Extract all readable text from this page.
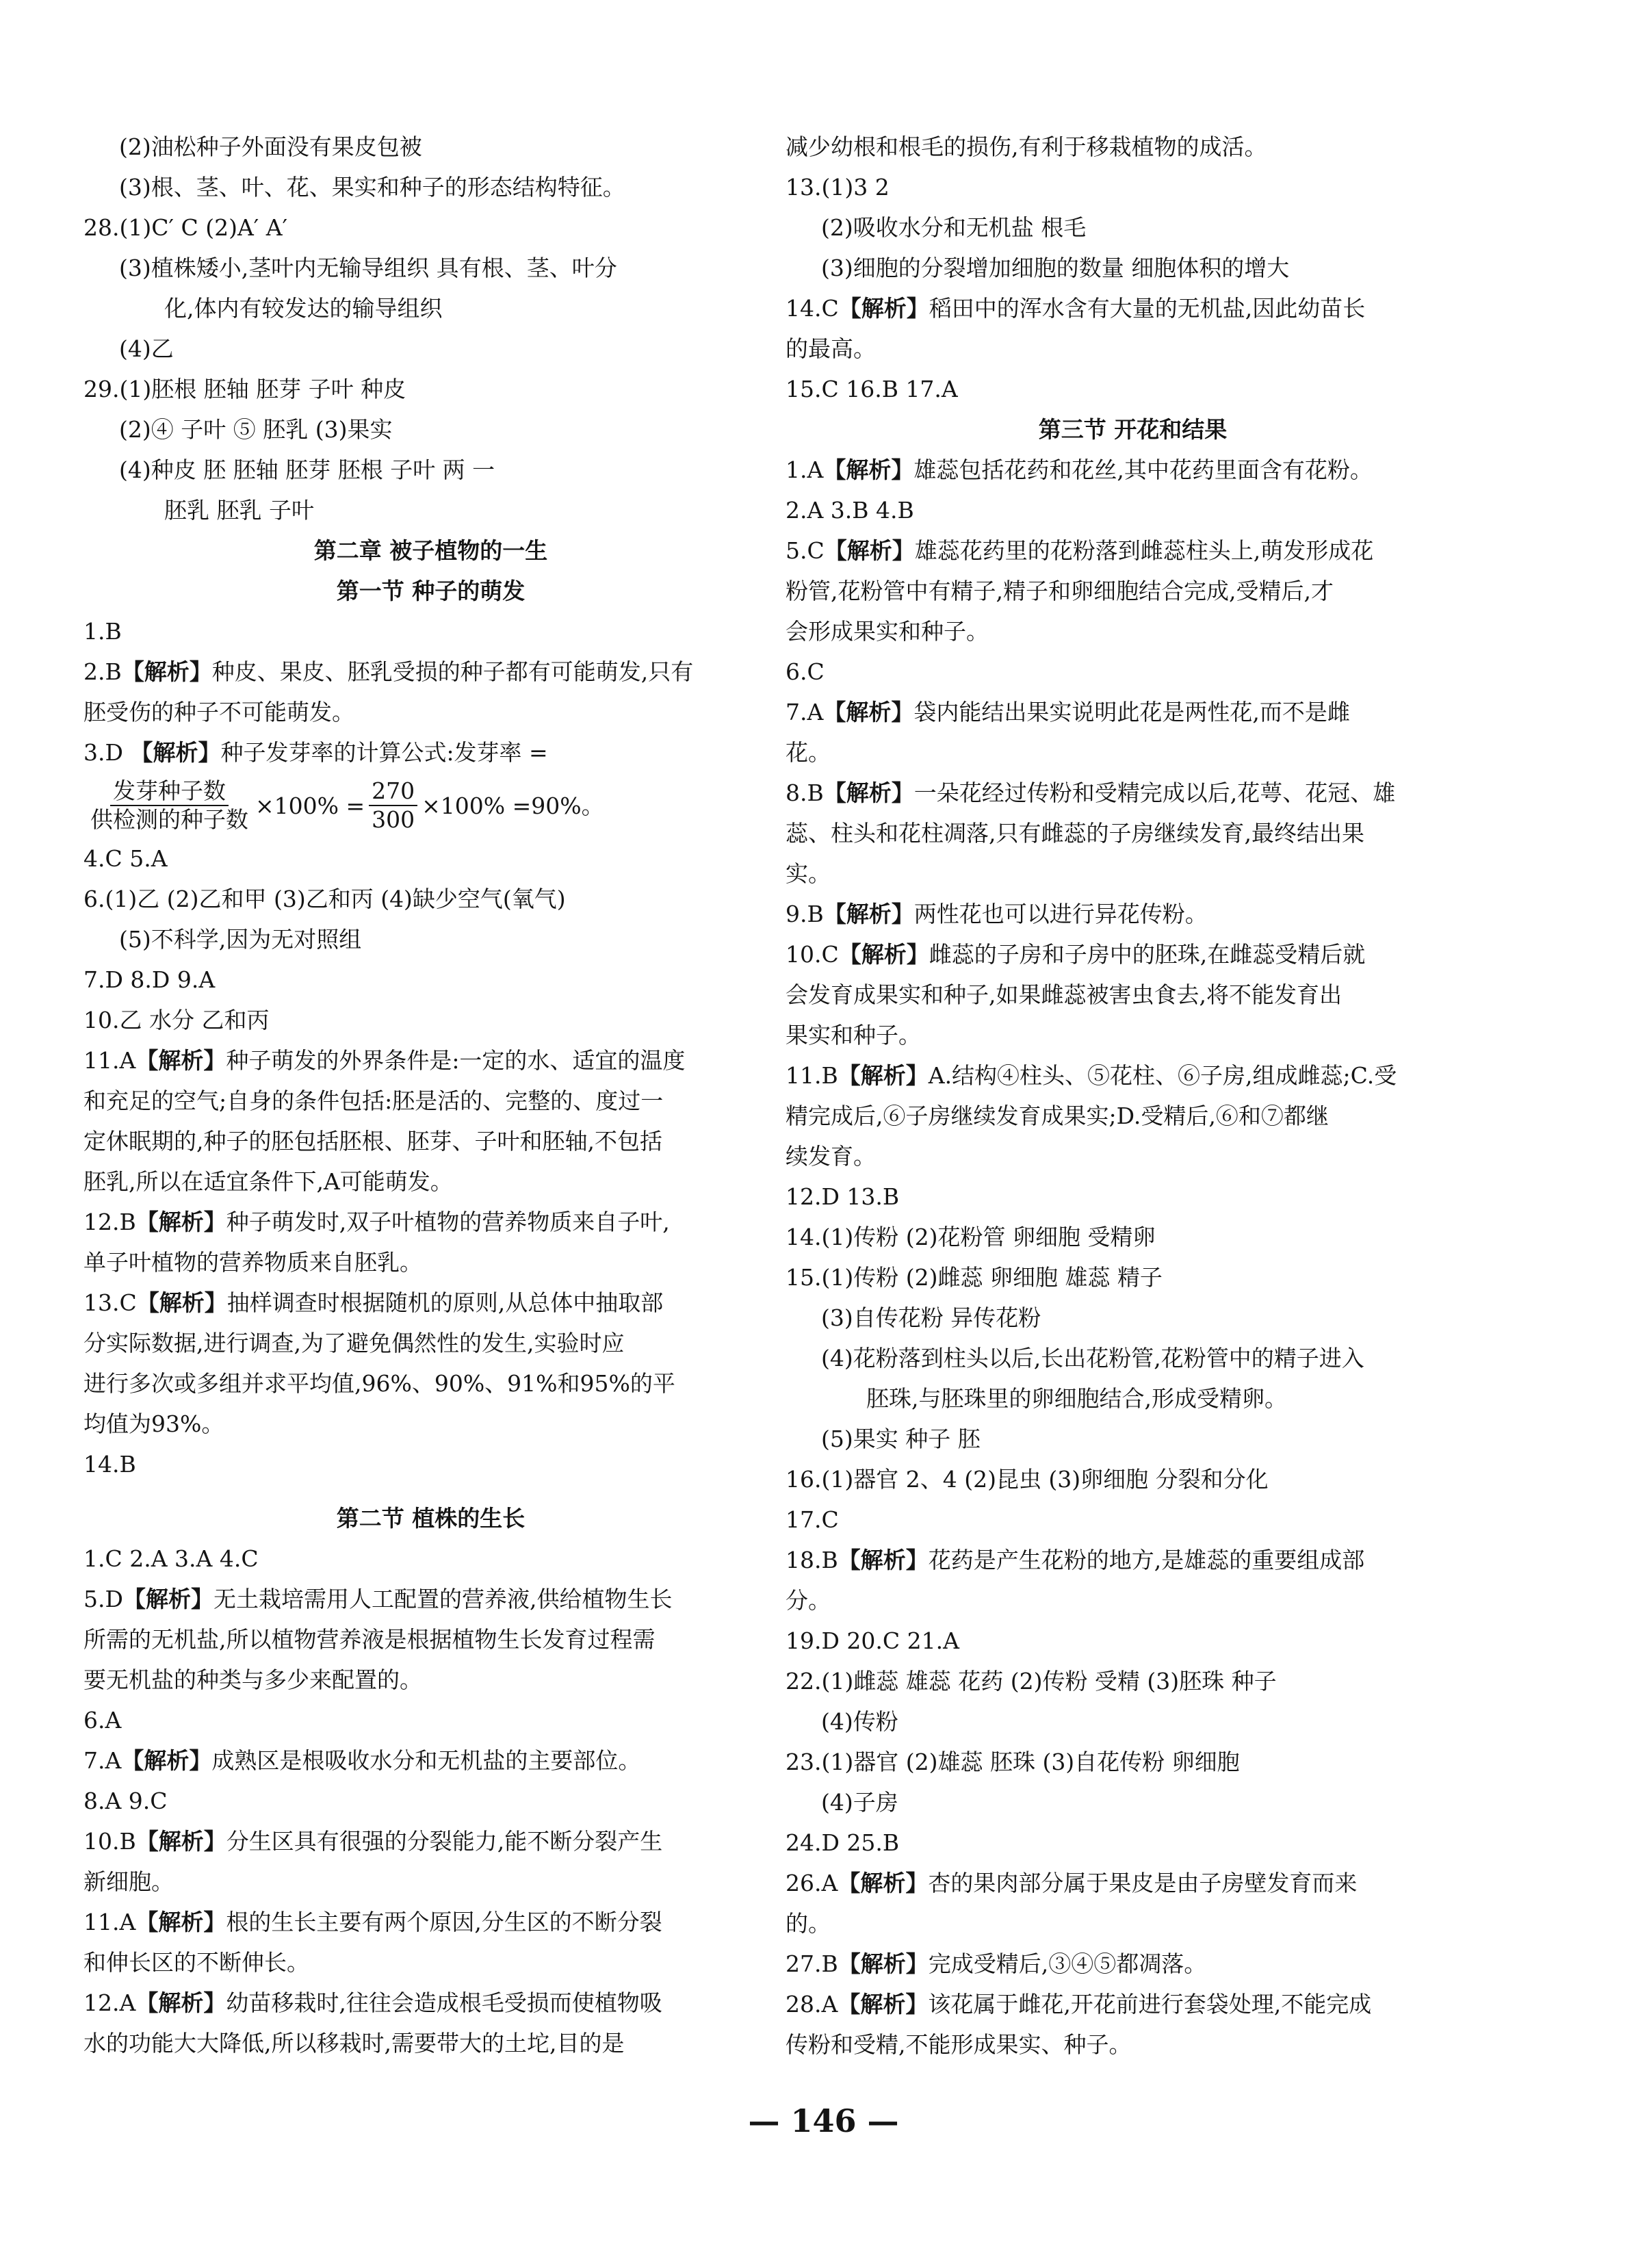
(2)油松种子外面没有果皮包被

(3)根、茎、叶、花、果实和种子的形态结构特征。

28.(1)C′ C (2)A′ A′

(3)植株矮小,茎叶内无输导组织 具有根、茎、叶分

化,体内有较发达的输导组织

(4)乙

29.(1)胚根 胚轴 胚芽 子叶 种皮

(2)④ 子叶 ⑤ 胚乳 (3)果实

(4)种皮 胚 胚轴 胚芽 胚根 子叶 两 一

胚乳 胚乳 子叶

第二章 被子植物的一生

第一节 种子的萌发

1.B

2.B【解析】种皮、果皮、胚乳受损的种子都有可能萌发,只有

胚受伤的种子不可能萌发。

3.D 【解析】种子发芽率的计算公式:发芽率 =

$\frac{\text{发芽种子数}}{\text{供检测的种子数}} \times 100\% = \frac{270}{300} \times 100\% =90\%$。

4.C 5.A

6.(1)乙 (2)乙和甲 (3)乙和丙 (4)缺少空气(氧气)

(5)不科学,因为无对照组

7.D 8.D 9.A

10.乙 水分 乙和丙

11.A【解析】种子萌发的外界条件是:一定的水、适宜的温度

和充足的空气;自身的条件包括:胚是活的、完整的、度过一

定休眠期的,种子的胚包括胚根、胚芽、子叶和胚轴,不包括

胚乳,所以在适宜条件下,A可能萌发。

12.B【解析】种子萌发时,双子叶植物的营养物质来自子叶,

单子叶植物的营养物质来自胚乳。

13.C【解析】抽样调查时根据随机的原则,从总体中抽取部

分实际数据,进行调查,为了避免偶然性的发生,实验时应

进行多次或多组并求平均值,96%、90%、91%和95%的平

均值为93%。

14.B

第二节 植株的生长

1.C 2.A 3.A 4.C

5.D【解析】无土栽培需用人工配置的营养液,供给植物生长

所需的无机盐,所以植物营养液是根据植物生长发育过程需

要无机盐的种类与多少来配置的。

6.A

7.A【解析】成熟区是根吸收水分和无机盐的主要部位。

8.A 9.C

10.B【解析】分生区具有很强的分裂能力,能不断分裂产生

新细胞。

11.A【解析】根的生长主要有两个原因,分生区的不断分裂

和伸长区的不断伸长。

12.A【解析】幼苗移栽时,往往会造成根毛受损而使植物吸

水的功能大大降低,所以移栽时,需要带大的土坨,目的是

减少幼根和根毛的损伤,有利于移栽植物的成活。

13.(1)3 2

(2)吸收水分和无机盐 根毛

(3)细胞的分裂增加细胞的数量 细胞体积的增大

14.C【解析】稻田中的浑水含有大量的无机盐,因此幼苗长

的最高。

15.C 16.B 17.A

第三节 开花和结果

1.A【解析】雄蕊包括花药和花丝,其中花药里面含有花粉。

2.A 3.B 4.B

5.C【解析】雄蕊花药里的花粉落到雌蕊柱头上,萌发形成花

粉管,花粉管中有精子,精子和卵细胞结合完成,受精后,才

会形成果实和种子。

6.C

7.A【解析】袋内能结出果实说明此花是两性花,而不是雌

花。

8.B【解析】一朵花经过传粉和受精完成以后,花萼、花冠、雄

蕊、柱头和花柱凋落,只有雌蕊的子房继续发育,最终结出果

实。

9.B【解析】两性花也可以进行异花传粉。

10.C【解析】雌蕊的子房和子房中的胚珠,在雌蕊受精后就

会发育成果实和种子,如果雌蕊被害虫食去,将不能发育出

果实和种子。

11.B【解析】A.结构④柱头、⑤花柱、⑥子房,组成雌蕊;C.受

精完成后,⑥子房继续发育成果实;D.受精后,⑥和⑦都继

续发育。

12.D 13.B

14.(1)传粉 (2)花粉管 卵细胞 受精卵

15.(1)传粉 (2)雌蕊 卵细胞 雄蕊 精子

(3)自传花粉 异传花粉

(4)花粉落到柱头以后,长出花粉管,花粉管中的精子进入

胚珠,与胚珠里的卵细胞结合,形成受精卵。

(5)果实 种子 胚

16.(1)器官 2、4 (2)昆虫 (3)卵细胞 分裂和分化

17.C

18.B【解析】花药是产生花粉的地方,是雄蕊的重要组成部

分。

19.D 20.C 21.A

22.(1)雌蕊 雄蕊 花药 (2)传粉 受精 (3)胚珠 种子

(4)传粉

23.(1)器官 (2)雄蕊 胚珠 (3)自花传粉 卵细胞

(4)子房

24.D 25.B

26.A【解析】杏的果肉部分属于果皮是由子房壁发育而来

的。

27.B【解析】完成受精后,③④⑤都凋落。

28.A【解析】该花属于雌花,开花前进行套袋处理,不能完成

传粉和受精,不能形成果实、种子。

— 146 —
